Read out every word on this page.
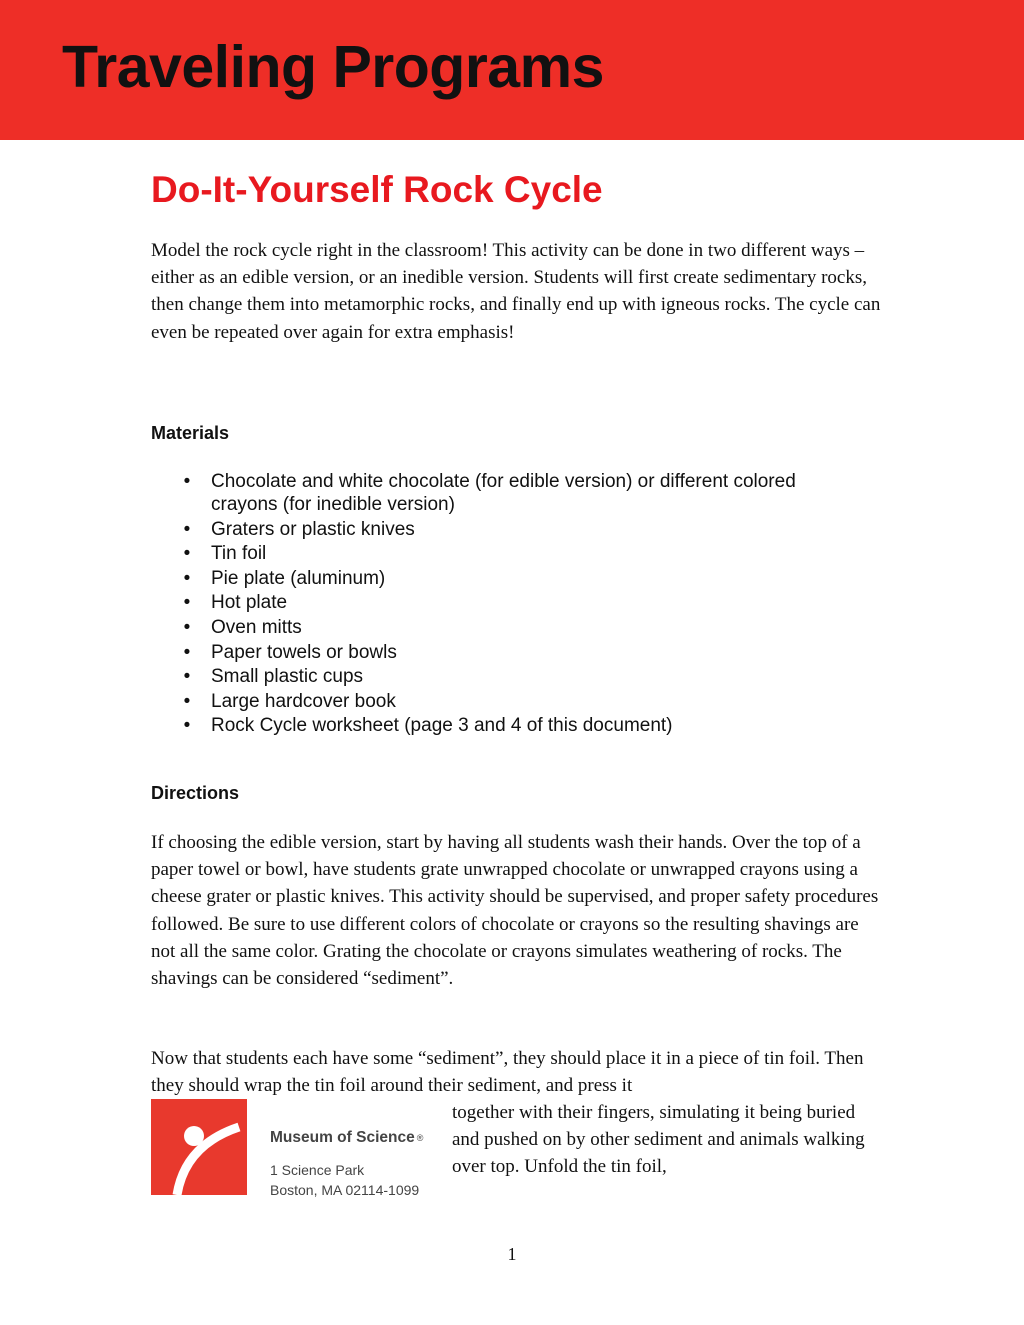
Traveling Programs
Do-It-Yourself Rock Cycle

Model the rock cycle right in the classroom! This activity can be done in two different ways – either as an edible version, or an inedible version. Students will first create sedimentary rocks, then change them into metamorphic rocks, and finally end up with igneous rocks. The cycle can even be repeated over again for extra emphasis!

Materials
• Chocolate and white chocolate (for edible version) or different colored crayons (for inedible version)
• Graters or plastic knives
• Tin foil
• Pie plate (aluminum)
• Hot plate
• Oven mitts
• Paper towels or bowls
• Small plastic cups
• Large hardcover book
• Rock Cycle worksheet (page 3 and 4 of this document)
Directions

If choosing the edible version, start by having all students wash their hands. Over the top of a paper towel or bowl, have students grate unwrapped chocolate or unwrapped crayons using a cheese grater or plastic knives. This activity should be supervised, and proper safety procedures followed. Be sure to use different colors of chocolate or crayons so the resulting shavings are not all the same color. Grating the chocolate or crayons simulates weathering of rocks. The shavings can be considered “sediment”.

Now that students each have some “sediment”, they should place it in a piece of tin foil. Then they should wrap the tin foil around their sediment, and press it

Museum of Science ®

1 Science Park

Boston, MA 02114-1099

together with their fingers, simulating it being buried and pushed on by other sediment and animals walking over top. Unfold the tin foil,

1
